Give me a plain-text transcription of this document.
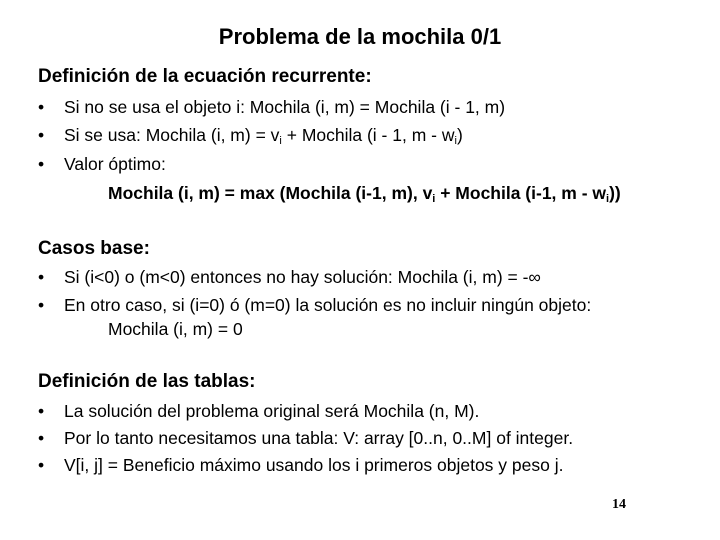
Problema de la mochila 0/1
Definición de la ecuación recurrente:
• Si no se usa el objeto i: Mochila (i, m) = Mochila (i - 1, m)
• Si se usa: Mochila (i, $m) = v_i$ + Mochila (i - 1, m - $w_i$)
• Valor óptimo:
Mochila (i, m) = max (Mochila (i-1, m), $v_i$ + Mochila (i-1, m - $w_i$))
Casos base:
• Si (i<0) o (m<0) entonces no hay solución: Mochila (i, m) = -∞
• En otro caso, si (i=0) ó (m=0) la solución es no incluir ningún objeto:
Mochila (i, m) = 0
Definición de las tablas:
• La solución del problema original será Mochila (n, M).
• Por lo tanto necesitamos una tabla: V: array [0..n, 0..M] of integer.
• V[i, j] = Beneficio máximo usando los i primeros objetos y peso j.
14
